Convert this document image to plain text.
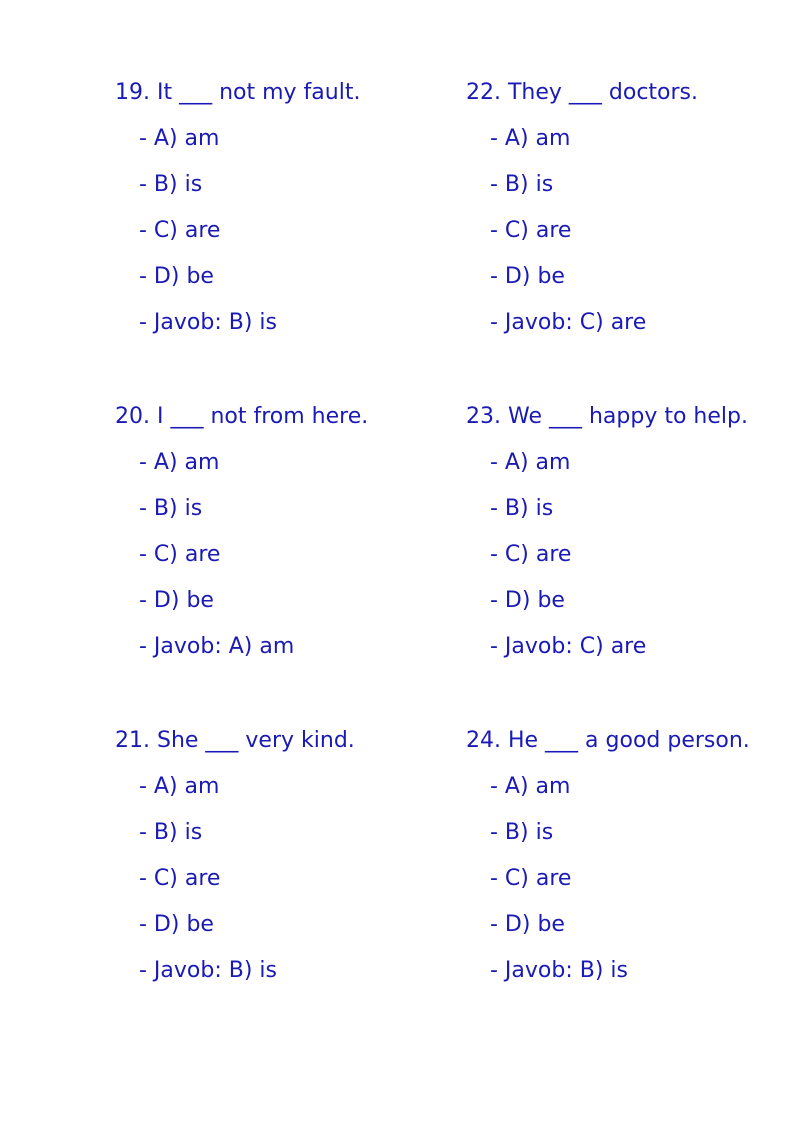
19. It ___ not my fault.
- A) am
- B) is
- C) are
- D) be
- Javob: B) is
20. I ___ not from here.
- A) am
- B) is
- C) are
- D) be
- Javob: A) am
21. She ___ very kind.
- A) am
- B) is
- C) are
- D) be
- Javob: B) is
22. They ___ doctors.
- A) am
- B) is
- C) are
- D) be
- Javob: C) are
23. We ___ happy to help.
- A) am
- B) is
- C) are
- D) be
- Javob: C) are
24. He ___ a good person.
- A) am
- B) is
- C) are
- D) be
- Javob: B) is
